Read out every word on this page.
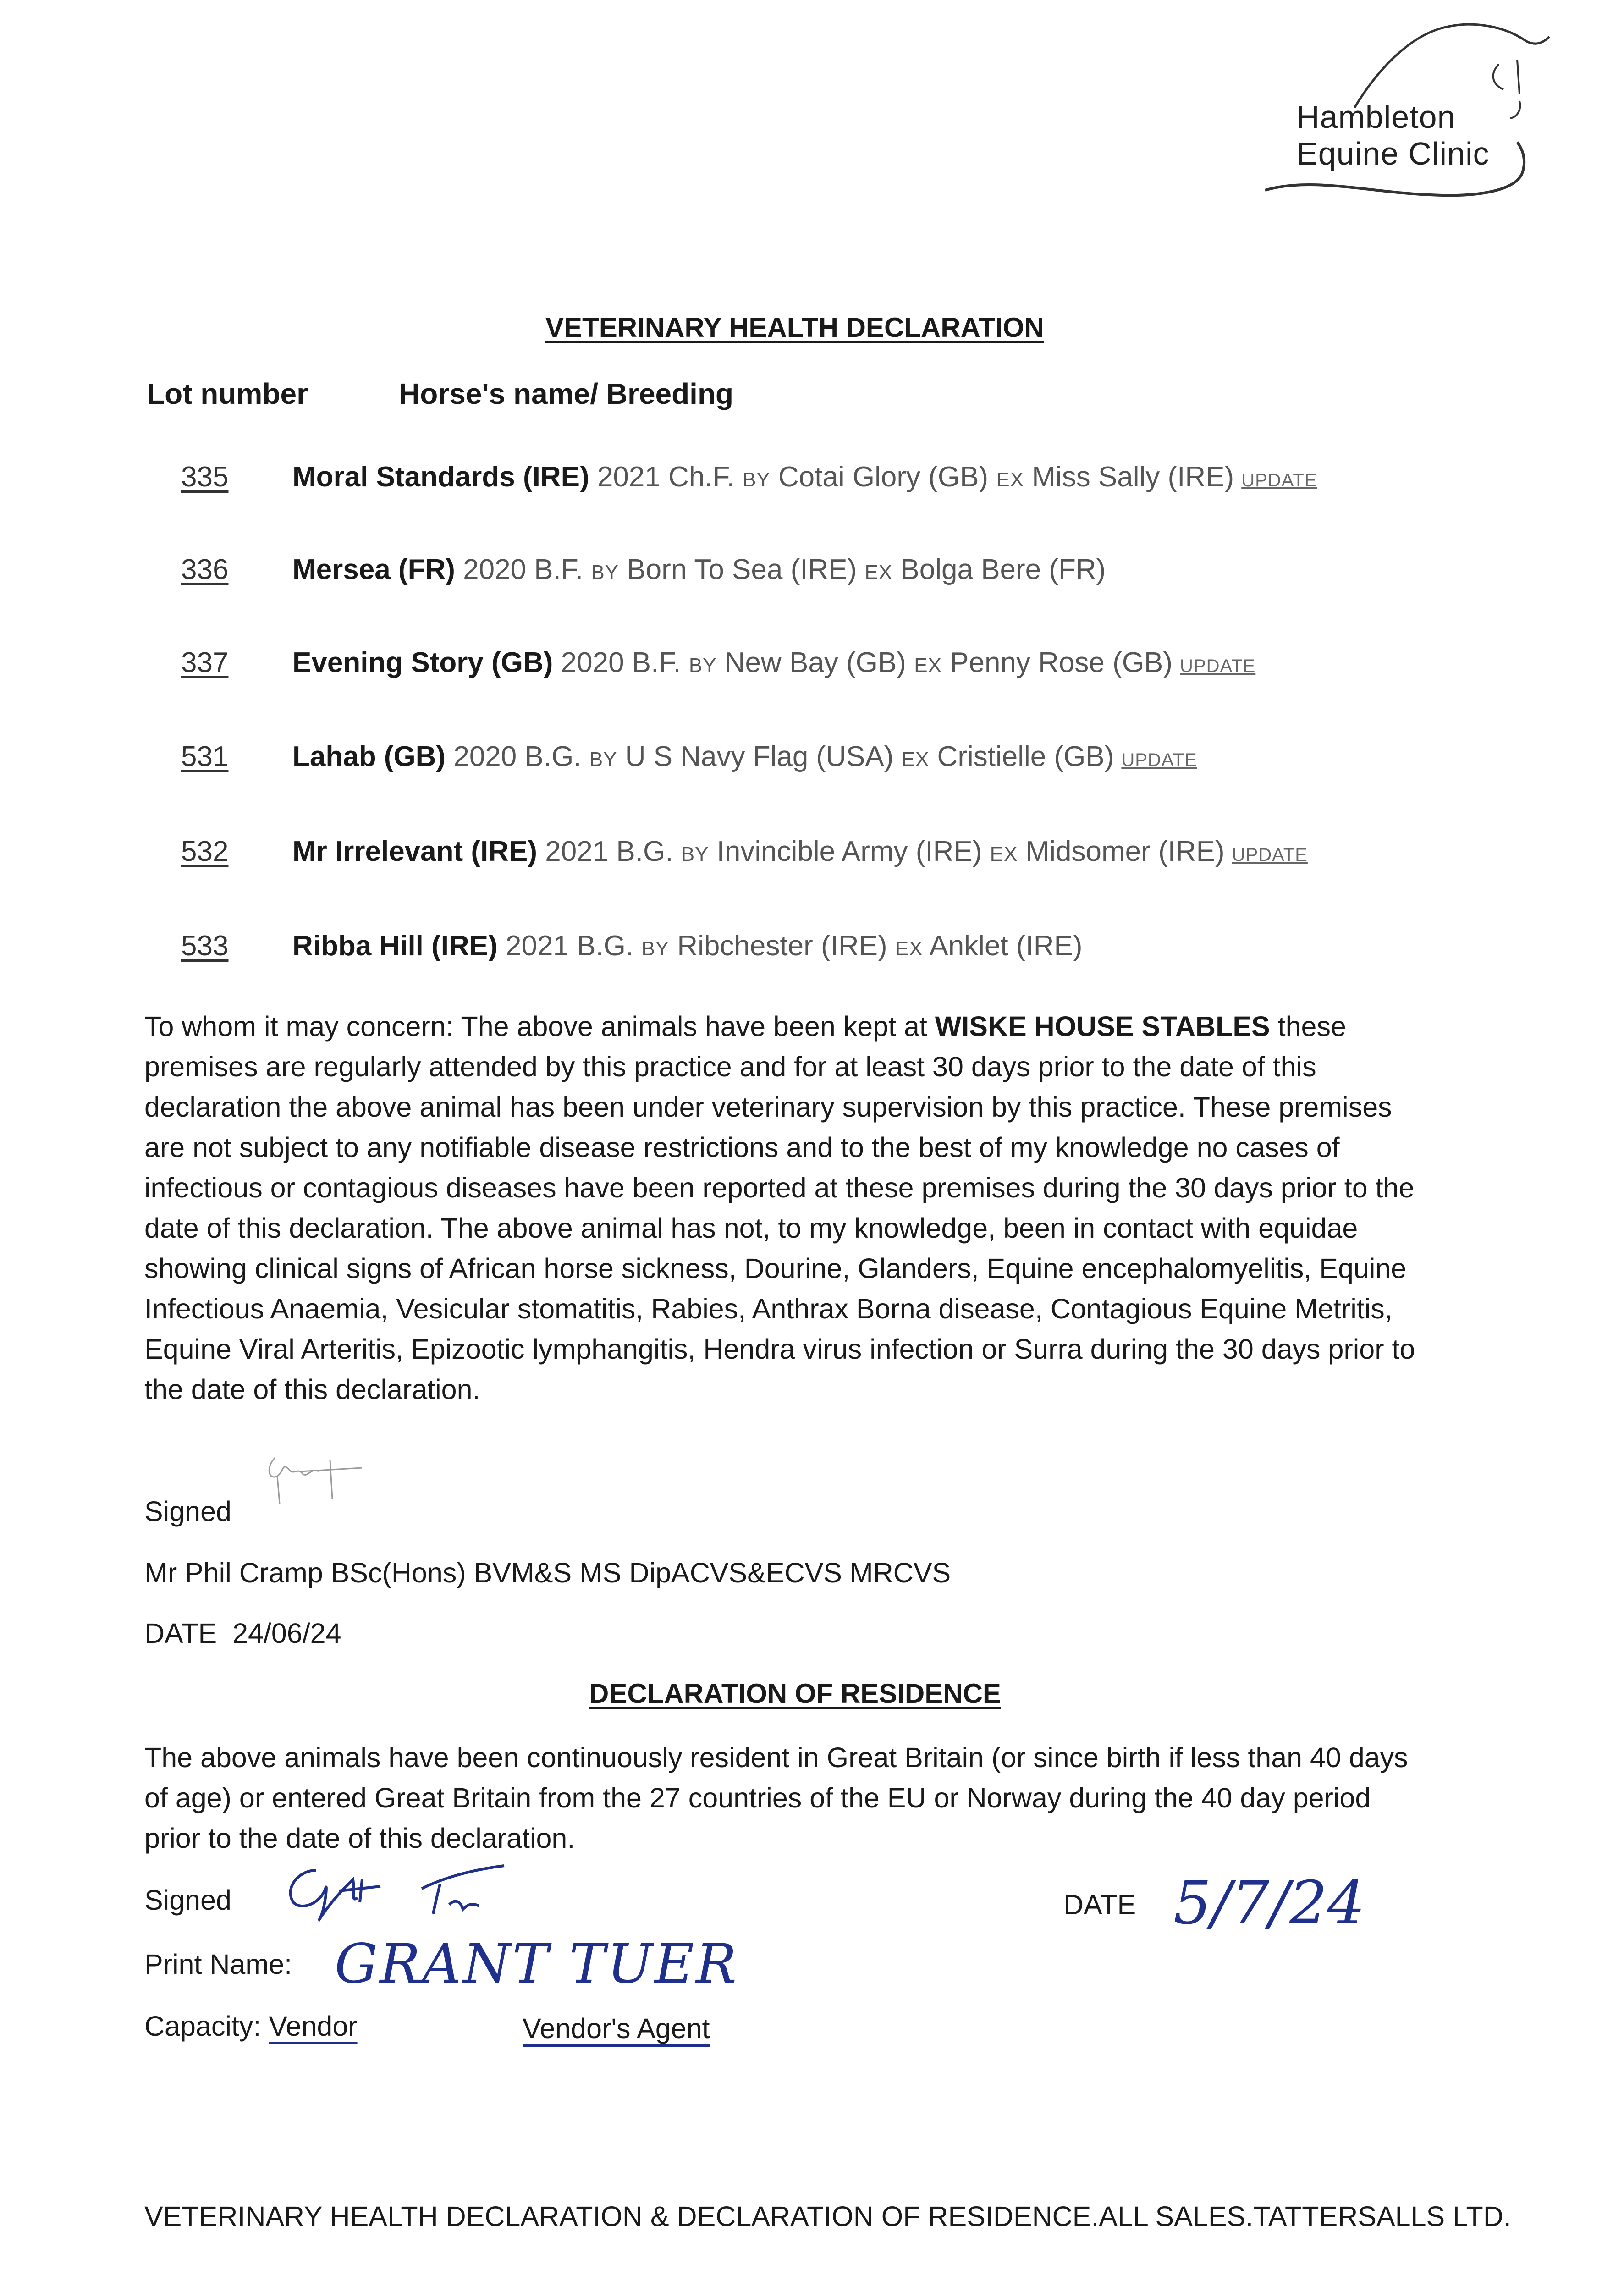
Hambleton
Equine Clinic
VETERINARY HEALTH DECLARATION
Lot number	Horse's name/ Breeding
335 Moral Standards (IRE) 2021 Ch.F. BY Cotai Glory (GB) EX Miss Sally (IRE) UPDATE
336 Mersea (FR) 2020 B.F. BY Born To Sea (IRE) EX Bolga Bere (FR)
337 Evening Story (GB) 2020 B.F. BY New Bay (GB) EX Penny Rose (GB) UPDATE
531 Lahab (GB) 2020 B.G. BY U S Navy Flag (USA) EX Cristielle (GB) UPDATE
532 Mr Irrelevant (IRE) 2021 B.G. BY Invincible Army (IRE) EX Midsomer (IRE) UPDATE
533 Ribba Hill (IRE) 2021 B.G. BY Ribchester (IRE) EX Anklet (IRE)
To whom it may concern: The above animals have been kept at WISKE HOUSE STABLES these premises are regularly attended by this practice and for at least 30 days prior to the date of this declaration the above animal has been under veterinary supervision by this practice. These premises are not subject to any notifiable disease restrictions and to the best of my knowledge no cases of infectious or contagious diseases have been reported at these premises during the 30 days prior to the date of this declaration. The above animal has not, to my knowledge, been in contact with equidae showing clinical signs of African horse sickness, Dourine, Glanders, Equine encephalomyelitis, Equine Infectious Anaemia, Vesicular stomatitis, Rabies, Anthrax Borna disease, Contagious Equine Metritis, Equine Viral Arteritis, Epizootic lymphangitis, Hendra virus infection or Surra during the 30 days prior to the date of this declaration.
Signed
Mr Phil Cramp BSc(Hons) BVM&S MS DipACVS&ECVS MRCVS
DATE 24/06/24
DECLARATION OF RESIDENCE
The above animals have been continuously resident in Great Britain (or since birth if less than 40 days of age) or entered Great Britain from the 27 countries of the EU or Norway during the 40 day period prior to the date of this declaration.
Signed	DATE 5/7/24
Print Name: GRANT TUER
Capacity: Vendor	Vendor's Agent
VETERINARY HEALTH DECLARATION & DECLARATION OF RESIDENCE.ALL SALES.TATTERSALLS LTD.
